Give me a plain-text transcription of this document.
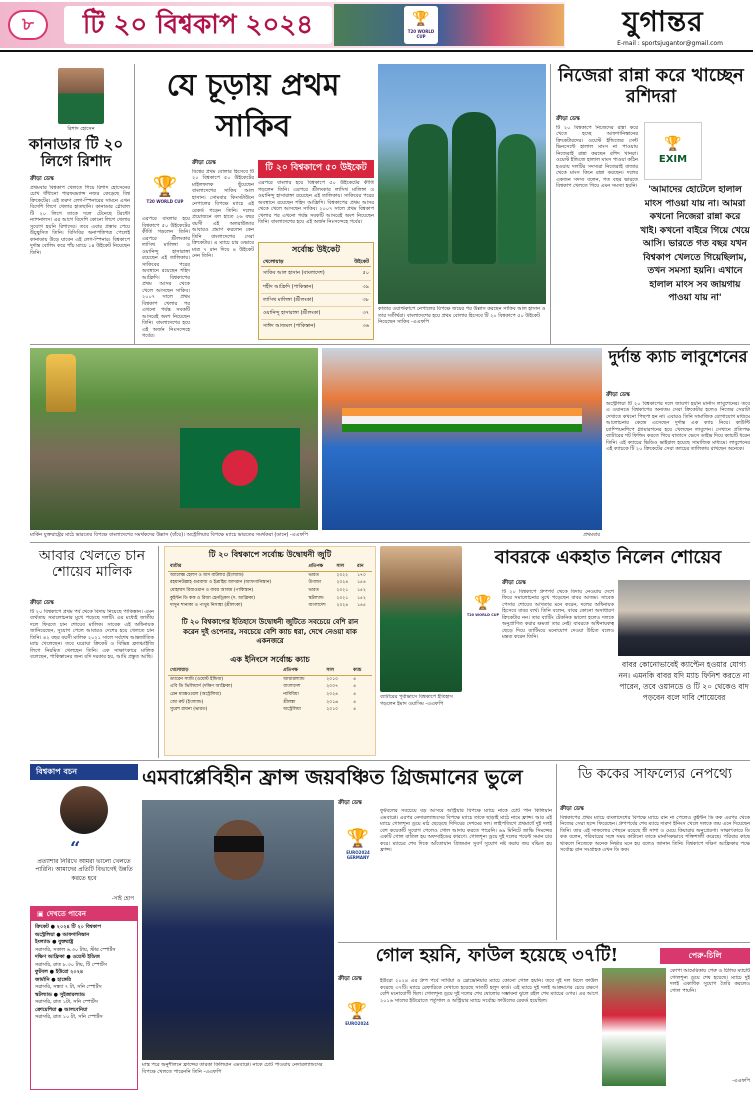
৮ টি ২০ বিশ্বকাপ ২০২৪	🏆
T20 WORLD CUP	যুগান্তর
E-mail : sportsjugantor@gmail.com
রিশাদ হোসেন
কানাডার টি ২০ লিগে রিশাদ
ক্রীড়া ডেস্ক
প্রথমবার বিশ্বকাপ খেলতে গিয়ে রিশাদ হোসেনের চোখ ধাঁধানো পারফরম্যান্স নজর কেড়েছে বিশ্ব ক্রিকেটের। এই তরুণ লেগ-স্পিনারের সামনে এখন বিদেশি লিগে খেলার হাতছানি। কানাডার গ্লোবাল টি ২০ লিগে তাকে দলে টেনেছে টরন্টো ন্যাশনালস। এর আগে বিদেশি কোনো লিগে খেলার সুযোগ হয়নি রিশাদের। তবে এবার প্রস্তাব পেয়ে উচ্ছ্বসিত তিনি। বিসিবির অনাপত্তিপত্র পেলেই কানাডায় উড়ে যাবেন এই লেগ-স্পিনার। বিশ্বকাপে দুর্দান্ত বোলিং করে পাঁচ ম্যাচে ১৪ উইকেট নিয়েছেন তিনি।
যে চূড়ায় প্রথম সাকিব
🏆
T20 WORLD CUP
ক্রীড়া ডেস্ক
বিশ্বের প্রথম বোলার হিসেবে টি ২০ বিশ্বকাপে ৫০ উইকেটের মাইলফলক ছুঁয়েছেন বাংলাদেশের সাকিব আল হাসান। সোমবার কিংসটাউনে নেপালের বিপক্ষে ম্যাচে এই রেকর্ড গড়েন তিনি। দলের প্রয়োজনে বল হাতে ২৬ বছর বয়সী এই অলরাউন্ডার আবারও প্রমাণ করলেন কেন তিনি বাংলাদেশের সেরা ক্রিকেটার। এ ম্যাচে চার ওভারে মাত্র ৭ রান দিয়ে ৪ উইকেট নেন তিনি।
এরপরে বাংলার হয়ে বিশ্বকাপে ৫০ উইকেটের কীর্তি গড়লেন তিনি। এরপরে শ্রীলংকার লাসিথ মালিঙ্গা ও ওয়ানিন্দু হাসারাঙ্গা রয়েছেন এই তালিকায়। সাকিবের পরের অবস্থানে রয়েছেন শহিদ আফ্রিদি। বিশ্বকাপের প্রথম আসর থেকে খেলে আসছেন সাকিব। ২০০৭ সালে প্রথম বিশ্বকাপ খেলার পর এখনো পর্যন্ত সবকটি আসরেই অংশ নিয়েছেন তিনি। বাংলাদেশের হয়ে এই অর্জন নিঃসন্দেহে গর্বের।
টি ২০ বিশ্বকাপে ৫০ উইকেট
এরপরে বাংলার হয়ে বিশ্বকাপে ৫০ উইকেটের কীর্তি গড়লেন তিনি। এরপরে শ্রীলংকার লাসিথ মালিঙ্গা ও ওয়ানিন্দু হাসারাঙ্গা রয়েছেন এই তালিকায়। সাকিবের পরের অবস্থানে রয়েছেন শহিদ আফ্রিদি। বিশ্বকাপের প্রথম আসর থেকে খেলে আসছেন সাকিব। ২০০৭ সালে প্রথম বিশ্বকাপ খেলার পর এখনো পর্যন্ত সবকটি আসরেই অংশ নিয়েছেন তিনি। বাংলাদেশের হয়ে এই অর্জন নিঃসন্দেহে গর্বের।
সর্বোচ্চ উইকেট
খেলোয়াড়	উইকেট
সাকিব আল হাসান (বাংলাদেশ)	৫০
শহীদ আফ্রিদি (পাকিস্তান)	৩৯
লাসিথ মালিঙ্গা (শ্রীলংকা)	৩৮
ওয়ানিন্দু হাসারাঙ্গা (শ্রীলংকা)	৩৭
সাঈদ আজমল (পাকিস্তান)	৩৬
কাতার ওয়ার্ল্ডকাপে নেপালের বিপক্ষে জয়ের পর উল্লাস করছেন সাকিব আল হাসান ও তার সতীর্থরা। বাংলাদেশের হয়ে প্রথম বোলার হিসেবে টি ২০ বিশ্বকাপে ৫০ উইকেট নিয়েছেন সাকিব -এএফপি
নিজেরা রান্না করে খাচ্ছেন রশিদরা
ক্রীড়া ডেস্ক
টি ২০ বিশ্বকাপে নিজেদের রান্না করে খেতে হচ্ছে আফগানিস্তানের ক্রিকেটারদের। ওয়েস্ট ইন্ডিজের সেন্ট ভিনসেন্টে হালাল মাংস না পাওয়ায় নিজেরাই রান্না করছেন রশিদ খানরা। ওয়েস্ট ইন্ডিজে হালাল মাংস পাওয়া কঠিন হওয়ায় দলটির সদস্যরা নিজেরাই বাজার থেকে মাংস কিনে রান্না করছেন। দলের একজন সদস্য বলেন, গত বছর ভারতে বিশ্বকাপ খেলতে গিয়ে এমন সমস্যা হয়নি।
🏆
EXIM
'আমাদের হোটেলে হালাল মাংস পাওয়া যায় না। আমরা কখনো নিজেরা রান্না করে খাই। কখনো বাইরে গিয়ে খেয়ে আসি। ভারতে গত বছর যখন বিশ্বকাপ খেলতে গিয়েছিলাম, তখন সমস্যা হয়নি। এখানে হালাল মাংস সব জায়গায় পাওয়া যায় না'
মার্কিন যুক্তরাষ্ট্রের মাঠে ভারতের বিপক্ষে বাংলাদেশের সমর্থকদের উল্লাস (বাঁয়ে)। অস্ট্রেলিয়ার বিপক্ষে ম্যাচে ভারতের সমর্থকরা (ডানে) -এএফপি	প্রথমবার
দুর্দান্ত ক্যাচ লাবুশেনের
ক্রীড়া ডেস্ক
অস্ট্রেলিয়া টি ২০ বিশ্বকাপের দলে জায়গা হয়নি মার্নাস লাবুশেনের। তবে এ ওয়ানডে বিশ্বকাপের অন্যতম সেরা ক্রিকেটার হলেও নিজের সেরাটা দেখাতে কখনো পিছপা হন না। এবারও তিনি সামাজিক যোগাযোগ মাধ্যমে আলোচনার কেন্দ্রে এসেছেন দুর্দান্ত এক ক্যাচ নিয়ে। কাউন্টি চ্যাম্পিয়নশিপে গ্ল্যামারগনের হয়ে খেলছেন লাবুশেন। সেখানে প্রতিপক্ষ ব্যাটারের শট ফিল্ডিং করতে গিয়ে বাতাসে ভেসে ডাইভ দিয়ে ক্যাচটি ধরেন তিনি। এই ক্যাচের ভিডিও ভাইরাল হয়েছে সামাজিক মাধ্যমে। লাবুশেনের এই ক্যাচকে টি ২০ ক্রিকেটের সেরা ক্যাচের তালিকায় রাখছেন অনেকে।
আবার খেলতে চান শোয়েব মালিক
ক্রীড়া ডেস্ক
টি ২০ বিশ্বকাপে প্রথম পর্ব থেকে বিদায় নিয়েছে পাকিস্তান। এমন ব্যর্থতায় সমালোচনার মুখে পড়েছে দলটি। এর মধ্যেই জাতীয় দলে ফিরতে চান শোয়েব মালিক। সাবেক এই অধিনায়ক জানিয়েছেন, সুযোগ পেলে আবারও দেশের হয়ে খেলতে চান তিনি। ৪২ বছর বয়সী মালিক ২০২১ সালে সর্বশেষ আন্তর্জাতিক ম্যাচ খেলেছেন। তবে ঘরোয়া ক্রিকেট ও বিভিন্ন ফ্র্যাঞ্চাইজি লিগে নিয়মিত খেলছেন তিনি। এক সাক্ষাৎকারে মালিক বলেছেন, পাকিস্তানের জন্য যদি দরকার হয়, আমি প্রস্তুত আছি।
টি ২০ বিশ্বকাপে সর্বোচ্চ উদ্বোধনী জুটি
ব্যাটার	প্রতিপক্ষ	সাল	রান
অ্যালেক্স হেলস ও জস বাটলার (ইংল্যান্ড)	ভারত	২০২২	১৭০
রহমানউল্লাহ গুরবাজ ও ইব্রাহিম জাদরান (আফগানিস্তান)	উগান্ডা	২০২৪	১৫৪
মোহাম্মদ রিজওয়ান ও বাবর আজম (পাকিস্তান)	ভারত	২০২১	১৫২
কুইন্টন ডি কক ও রিজা হেনড্রিকস (দ. আফ্রিকা)	স্কটল্যান্ড	২০২১	১৫২
দাসুন শানাকা ও পাথুম নিসাঙ্কা (শ্রীলংকা)	বাংলাদেশ	২০২৪	১৪৫
টি ২০ বিশ্বকাপের ইতিহাসে উদ্বোধনী জুটিতে সবচেয়ে বেশি রান করেন দুই ওপেনার, সবচেয়ে বেশি ক্যাচ ধরা, দেখে নেওয়া যাক একনজরে
এক ইনিংসে সর্বোচ্চ ক্যাচ
খেলোয়াড়	প্রতিপক্ষ	সাল	ক্যাচ
ড্যারেন স্যামি (ওয়েস্ট ইন্ডিজ)	আয়ারল্যান্ড	২০১০	৪
এবি ডি ভিলিয়ার্স (দক্ষিণ আফ্রিকা)	বাংলাদেশ	২০০৭	৪
গ্লেন ম্যাক্সওয়েল (অস্ট্রেলিয়া)	নামিবিয়া	২০২৪	৪
জো রুট (ইংল্যান্ড)	শ্রীলঙ্কা	২০১৬	৪
সুরেশ রায়না (ভারত)	অস্ট্রেলিয়া	২০১০	৪
ব্যাটারের পূর্বাভাসে বিশ্বকাপে ইতিহাস গড়লেন ইমাদ ওয়াসিম -এএফপি
বাবরকে একহাত নিলেন শোয়েব
🏆
T20 WORLD CUP
ক্রীড়া ডেস্ক
টি ২০ বিশ্বকাপে গ্রুপপর্ব থেকে বিদায় নেওয়ায় দেশে ফিরে সমালোচনার মুখে পড়েছেন বাবর আজম। সাবেক পেসার শোয়েব আখতার মনে করেন, দলের অধিনায়ক হিসেবে বাবর ব্যর্থ। তিনি বলেন, বাবর কোনো অসাধারণ ক্রিকেটার নন। তার ব্যাটিং টেকনিক ভালো হলেও দলকে অনুপ্রাণিত করার ক্ষমতা তার নেই। বাবরকে অধিনায়কত্ব ছেড়ে দিয়ে ব্যাটিংয়ে মনোযোগ দেওয়া উচিত বলেও মন্তব্য করেন তিনি।
বাবর কোনোভাবেই ক্যাপ্টেন হওয়ার যোগ্য নন। এমনকি বাবর যদি ম্যাচ ফিনিশ করতে না পারেন, তবে ওয়ানডে ও টি ২০ থেকেও বাদ পড়বেন বলে দাবি শোয়েবের
বিশ্বকাপ বচন
“
প্রত্যাশার নিরিখে আমরা ভালো খেলতে পারিনি। আমাদের প্রতিটি বিভাগেই উন্নতি করতে হবে
-সাই হোপ
▣ দেখতে পাবেন
ক্রিকেট ● ২০২৪ টি ২০ বিশ্বকাপ
অস্ট্রেলিয়া ● আফগানিস্তান
ইংল্যান্ড ● যুক্তরাষ্ট্র
সরাসরি, সকাল ৬.৩০ টায়, স্টার স্পোর্টস
দক্ষিণ আফ্রিকা ● ওয়েস্ট ইন্ডিজ
সরাসরি, রাত ৮.৩০ টায়, টি স্পোর্টস
ফুটবল ● ইউরো ২০২৪
জার্মানি ● হাঙ্গেরি
সরাসরি, সন্ধ্যা ৭ টা, সনি স্পোর্টস
স্কটল্যান্ড ● সুইজারল্যান্ড
সরাসরি, রাত ১টা, সনি স্পোর্টস
ক্রোয়েশিয়া ● আলবেনিয়া
সরাসরি, রাত ১০ টা, সনি স্পোর্টস
এমবাপ্পেবিহীন ফ্রান্স জয়বঞ্চিত গ্রিজমানের ভুলে
মাস্ক পরে অনুশীলনে ফ্রান্সের তারকা কিলিয়ান এমবাপ্পে। নাকে চোট পাওয়ায় নেদারল্যান্ডসের বিপক্ষে খেলতে পারেননি তিনি -এএফপি
🏆
EURO2024 GERMANY
ক্রীড়া ডেস্ক
ফুটবলের সবচেয়ে বড় আসরে অস্ট্রিয়ার বিপক্ষে ম্যাচে নাকে চোট পান কিলিয়ান এমবাপ্পে। এরপর নেদারল্যান্ডসের বিপক্ষে ম্যাচে তাকে ছাড়াই মাঠে নামে ফ্রান্স। আর এই ম্যাচে গোলশূন্য ড্রয়ে মাঠ ছেড়েছে দিদিয়ের দেশমের দল। লাইপজিগে প্রথমার্ধে দুই দলই বেশ কয়েকটি সুযোগ পেলেও গোল আদায় করতে পারেনি। ৬৯ মিনিটে জাভি সিমন্সের একটি গোল বাতিল হয় অফসাইডের কারণে। গোলশূন্য ড্রয়ে দুই দলের পয়েন্ট সমান চার করে। ম্যাচের শেষ দিকে আঁতোয়ান গ্রিজমান সুবর্ণ সুযোগ নষ্ট করায় জয় বঞ্চিত হয় ফ্রান্স।
ডি ককের সাফল্যের নেপথ্যে
ক্রীড়া ডেস্ক
বিশ্বকাপের প্রথম ম্যাচে বাংলাদেশের বিপক্ষে ম্যাচে রান না পেলেও কুইন্টন ডি কক এরপর থেকে নিজের সেরা ছন্দে ফিরেছেন। গ্রুপপর্বের শেষ ম্যাচে দারুণ ইনিংস খেলে দলকে জয় এনে দিয়েছেন তিনি। তার এই সাফল্যের পেছনে রয়েছে স্ত্রী সাশা ও মেয়ে কিয়ারার অনুপ্রেরণা। সাক্ষাৎকারে ডি কক বলেন, পরিবারের সঙ্গে সময় কাটানো তাকে মানসিকভাবে শক্তিশালী করেছে। পরিবার কাছে থাকলে নিজেকে অনেক নির্ভার মনে হয় বলেও জানান তিনি। বিশ্বকাপে দক্ষিণ আফ্রিকার পক্ষে সর্বোচ্চ রান সংগ্রাহক এখন ডি কক।
গোল হয়নি, ফাউল হয়েছে ৩৭টি!
🏆
EURO2024
ক্রীড়া ডেস্ক	ইউরো ২০২৪ এর গ্রুপ পর্বে সার্বিয়া ও স্লোভেনিয়ার ম্যাচে কোনো গোল হয়নি। তবে দুই দল মিলে ফাউল করেছে ৩৭টি। ম্যাচে রেফারিকে দেখাতে হয়েছে সাতটি হলুদ কার্ড। এই ম্যাচে দুই দলই আক্রমণের চেয়ে রক্ষণে বেশি মনোযোগী ছিল। গোলশূন্য ড্রয়ে দুই দলের শেষ ষোলোর সম্ভাবনা ঝুলে রইল শেষ ম্যাচের ওপর। এর আগে ২০১৬ সালের ইউরোতে পর্তুগাল ও অস্ট্রিয়ার ম্যাচে সর্বোচ্চ ফাউলের রেকর্ড হয়েছিল।
পেরু-চিলি
কোপা আমেরিকায় পেরু ও চিলির ম্যাচটি গোলশূন্য ড্রয়ে শেষ হয়েছে। ম্যাচে দুই দলই একাধিক সুযোগ তৈরি করলেও গোল পায়নি।
-এএফপি
